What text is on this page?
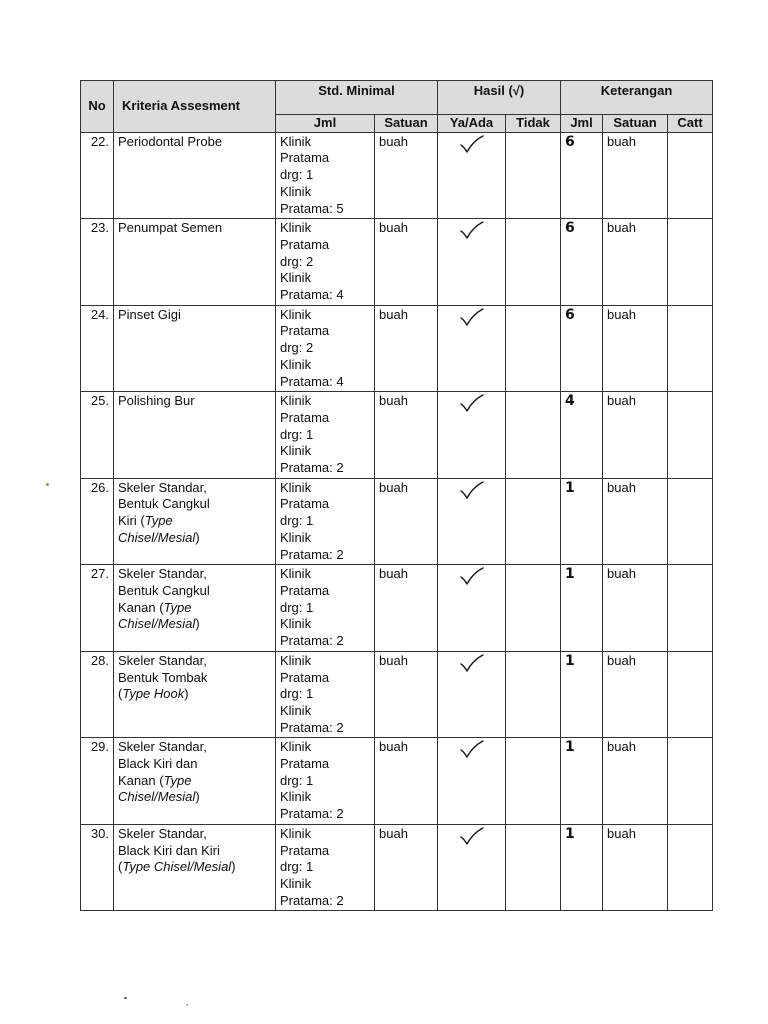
No	Kriteria Assesment	Std. Minimal		Hasil (√)		Keterangan		
		Jml	Satuan	Ya/Ada	Tidak	Jml	Satuan	Catt
22.	Periodontal Probe	Klinik
Pratama
drg: 1
Klinik
Pratama: 5	buah			6	buah	
23.	Penumpat Semen	Klinik
Pratama
drg: 2
Klinik
Pratama: 4	buah			6	buah	
24.	Pinset Gigi	Klinik
Pratama
drg: 2
Klinik
Pratama: 4	buah			6	buah	
25.	Polishing Bur	Klinik
Pratama
drg: 1
Klinik
Pratama: 2	buah			4	buah	
26.	Skeler Standar,
Bentuk Cangkul
Kiri (Type
Chisel/Mesial)	Klinik
Pratama
drg: 1
Klinik
Pratama: 2	buah			1	buah	
27.	Skeler Standar,
Bentuk Cangkul
Kanan (Type
Chisel/Mesial)	Klinik
Pratama
drg: 1
Klinik
Pratama: 2	buah			1	buah	
28.	Skeler Standar,
Bentuk Tombak
(Type Hook)	Klinik
Pratama
drg: 1
Klinik
Pratama: 2	buah			1	buah	
29.	Skeler Standar,
Black Kiri dan
Kanan (Type
Chisel/Mesial)	Klinik
Pratama
drg: 1
Klinik
Pratama: 2	buah			1	buah	
30.	Skeler Standar,
Black Kiri dan Kiri
(Type Chisel/Mesial)	Klinik
Pratama
drg: 1
Klinik
Pratama: 2	buah			1	buah	
